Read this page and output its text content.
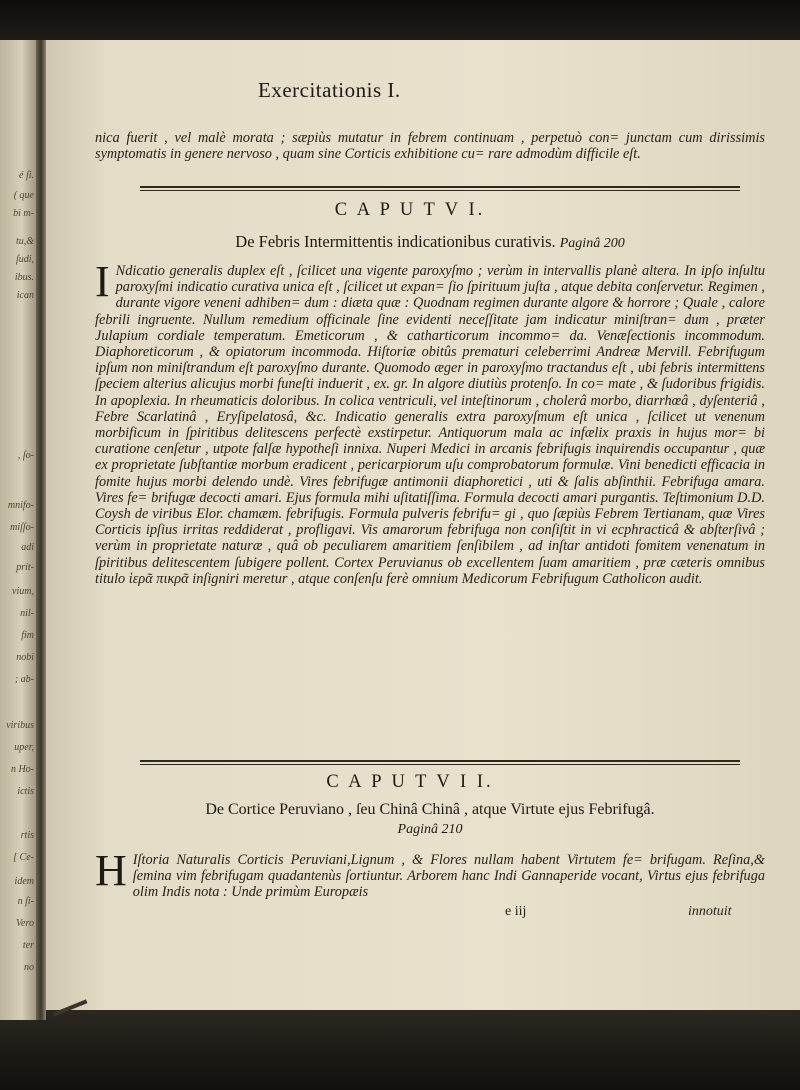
é ſi.
( que
bi m-
tu,&
ſudi,
ibus.
ican
, ſo-
mnifo-
miſſo-
adi
prit-
vium,
nil-
fim
nobi
; ab-
viribus
uper,
n Ho-
ictis
rtis
[ Ce-
idem
n ſi-
Vero
ter
no
Exercitationis I.
nica fuerit , vel malè morata ; sæpiùs mutatur in febrem continuam , perpetuò con= junctam cum dirissimis symptomatis in genere nervoso , quam sine Corticis exhibitione cu= rare admodùm difficile eſt.
C A P U T V I.
De Febris Intermittentis indicationibus curativis. Paginâ 200
I Ndicatio generalis duplex eſt , ſcilicet una vigente paroxyſmo ; verùm in intervallis planè altera. In ipſo inſultu paroxyſmi indicatio curativa unica eſt , ſcilicet ut expan= ſio ſpirituum juſta , atque debita conſervetur. Regimen , durante vigore veneni adhiben= dum : diæta quæ : Quodnam regimen durante algore & horrore ; Quale , calore febrili ingruente. Nullum remedium officinale ſine evidenti neceſſitate jam indicatur miniſtran= dum , præter Julapium cordiale temperatum. Emeticorum , & catharticorum incommo= da. Venæſectionis incommodum. Diaphoreticorum , & opiatorum incommoda. Hiſtoriæ obitûs prematuri celeberrimi Andreæ Mervill. Febrifugum ipſum non miniſtrandum eſt paroxyſmo durante. Quomodo æger in paroxyſmo tractandus eſt , ubi febris intermittens ſpeciem alterius alicujus morbi funeſti induerit , ex. gr. In algore diutiùs protenſo. In co= mate , & ſudoribus frigidis. In apoplexia. In rheumaticis doloribus. In colica ventriculi, vel inteſtinorum , cholerâ morbo, diarrhœâ , dyſenteriâ , Febre Scarlatinâ , Eryſipelatosâ, &c. Indicatio generalis extra paroxyſmum eſt unica , ſcilicet ut venenum morbificum in ſpiritibus delitescens perfectè exstirpetur. Antiquorum mala ac infælix praxis in hujus mor= bi curatione cenſetur , utpote falſæ hypotheſi innixa. Nuperi Medici in arcanis febrifugis inquirendis occupantur , quæ ex proprietate ſubſtantiæ morbum eradicent , pericarpiorum uſu comprobatorum formulæ. Vini benedicti efficacia in fomite hujus morbi delendo undè. Vires febrifugæ antimonii diaphoretici , uti & ſalis abſinthii. Febrifuga amara. Vires fe= brifugæ decocti amari. Ejus formula mihi uſitatiſſima. Formula decocti amari purgantis. Teſtimonium D.D. Coysh de viribus Elor. chamæm. febrifugis. Formula pulveris febrifu= gi , quo ſæpiùs Febrem Tertianam, quæ Vires Corticis ipſius irritas reddiderat , profligavi. Vis amarorum febrifuga non conſiſtit in vi ecphracticâ & abſterſivâ ; verùm in proprietate naturæ , quâ ob peculiarem amaritiem ſenſibilem , ad inſtar antidoti fomitem venenatum in ſpiritibus delitescentem ſubigere pollent. Cortex Peruvianus ob excellentem ſuam amaritiem , præ cæteris omnibus titulo ἱερᾶ πικρᾶ inſigniri meretur , atque conſenſu ferè omnium Medicorum Febrifugum Catholicon audit.
C A P U T V I I.
De Cortice Peruviano , ſeu Chinâ Chinâ , atque Virtute ejus Febrifugâ.
Paginâ 210
H Iſtoria Naturalis Corticis Peruviani,Lignum , & Flores nullam habent Virtutem fe= brifugam. Reſina,& ſemina vim febrifugam quadantenùs ſortiuntur. Arborem hanc Indi Gannaperide vocant, Virtus ejus febrifuga olim Indis nota : Unde primùm Europæis
e iij	innotuit
